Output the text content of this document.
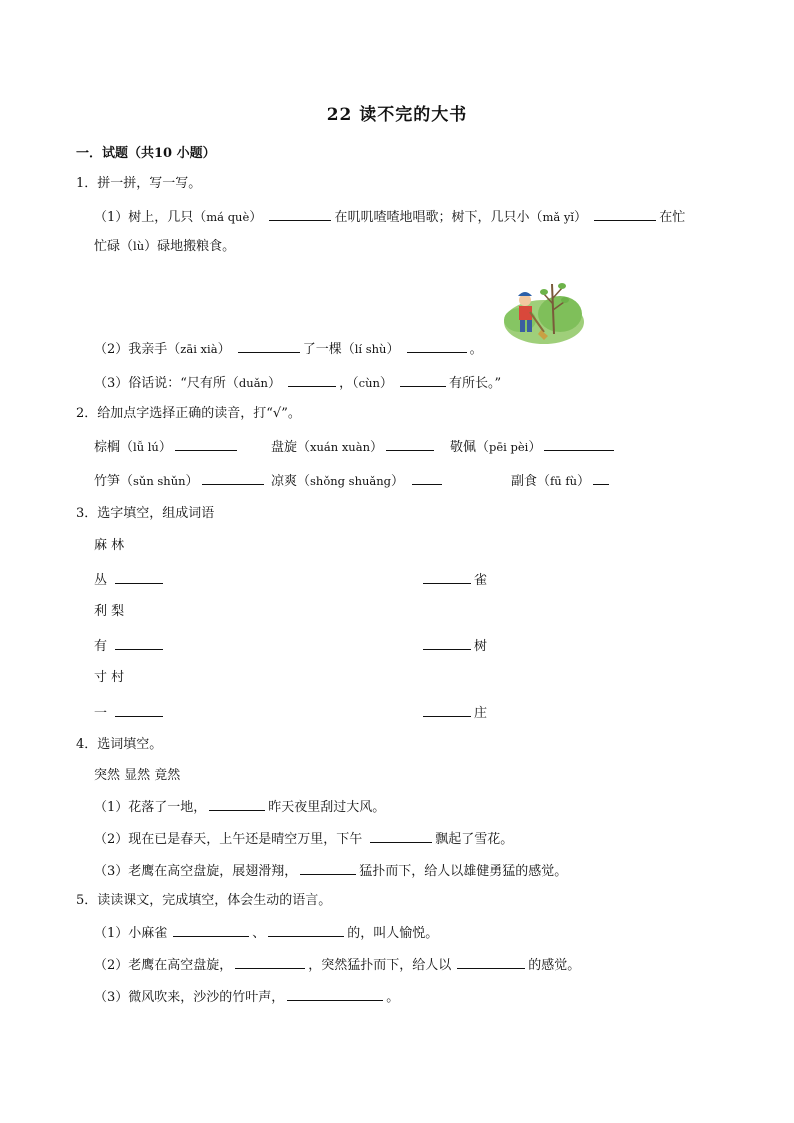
22 读不完的大书
一．试题（共10 小题）
1．拼一拼，写一写。
（1）树上，几只（má què）	在叽叽喳喳地唱歌；树下，几只小（mǎ yǐ）	在忙
忙碌（lù）碌地搬粮食。
（2）我亲手（zāi xià）	了一棵（lí shù）	。
（3）俗话说：“尺有所（duǎn）	，（cùn）	有所长。”
2．给加点字选择正确的读音，打“√”。
棕榈（lǚ lú）	盘旋（xuán xuàn）	敬佩（pēi pèi）
竹笋（sǔn shǔn）	凉爽（shǒng shuǎng）	副食（fū fù）
3．选字填空，组成词语
麻 林
丛	雀
利 梨
有	树
寸 村
一	庄
4．选词填空。
突然 显然 竟然
（1）花落了一地，	昨天夜里刮过大风。
（2）现在已是春天，上午还是晴空万里，下午	飘起了雪花。
（3）老鹰在高空盘旋，展翅滑翔，	猛扑而下，给人以雄健勇猛的感觉。
5．读读课文，完成填空，体会生动的语言。
（1）小麻雀	、	的，叫人愉悦。
（2）老鹰在高空盘旋，	，突然猛扑而下，给人以	的感觉。
（3）微风吹来，沙沙的竹叶声，	。
